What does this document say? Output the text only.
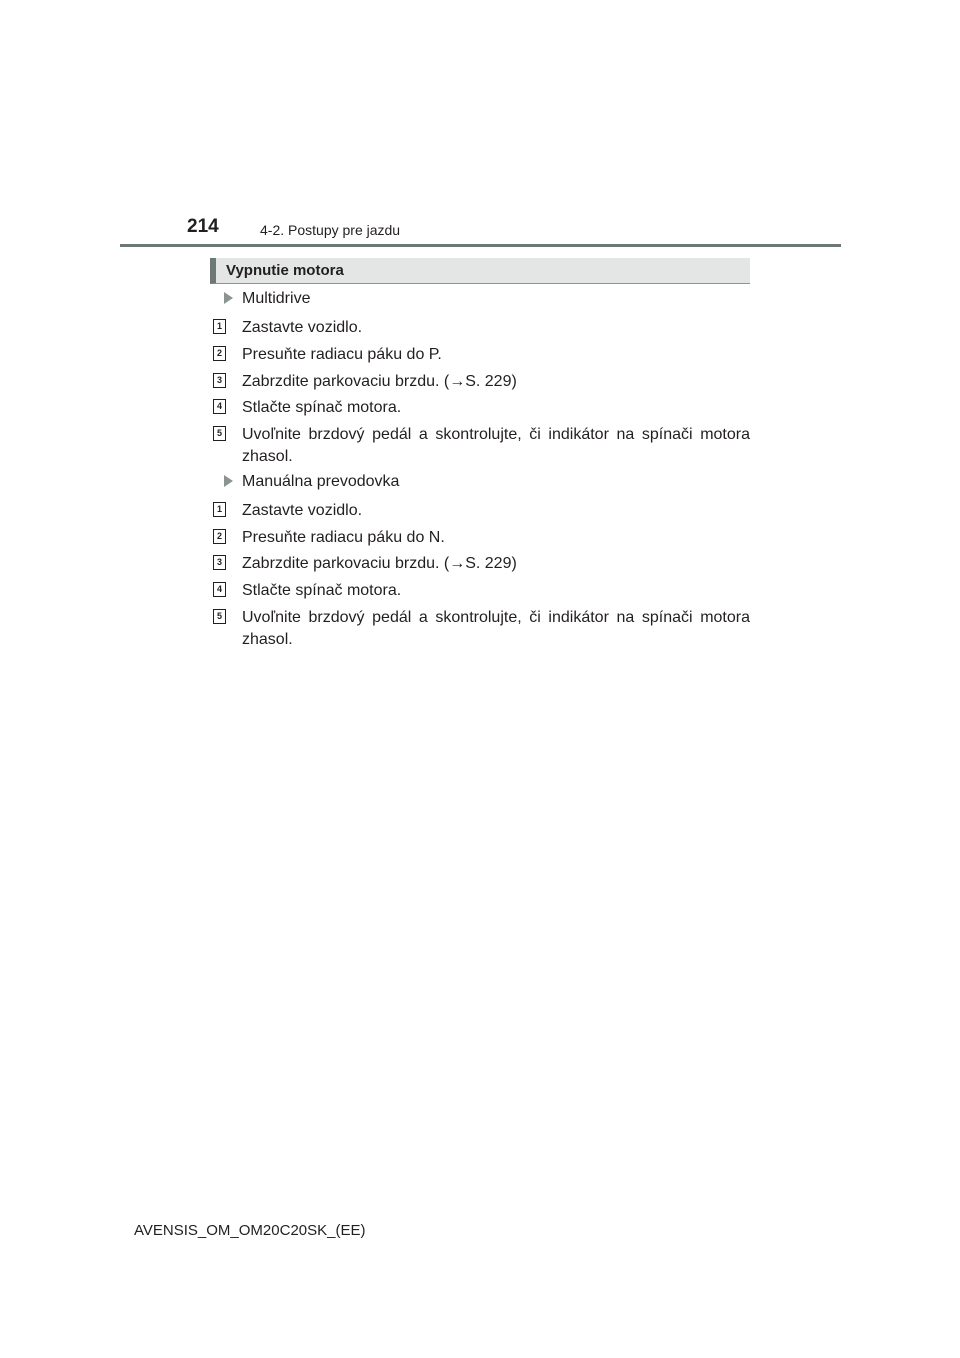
214	4-2. Postupy pre jazdu
Vypnutie motora
Multidrive
1 Zastavte vozidlo.
2 Presuňte radiacu páku do P.
3 Zabrzdite parkovaciu brzdu. (→S. 229)
4 Stlačte spínač motora.
5 Uvoľnite brzdový pedál a skontrolujte, či indikátor na spínači motora zhasol.
Manuálna prevodovka
1 Zastavte vozidlo.
2 Presuňte radiacu páku do N.
3 Zabrzdite parkovaciu brzdu. (→S. 229)
4 Stlačte spínač motora.
5 Uvoľnite brzdový pedál a skontrolujte, či indikátor na spínači motora zhasol.
AVENSIS_OM_OM20C20SK_(EE)
